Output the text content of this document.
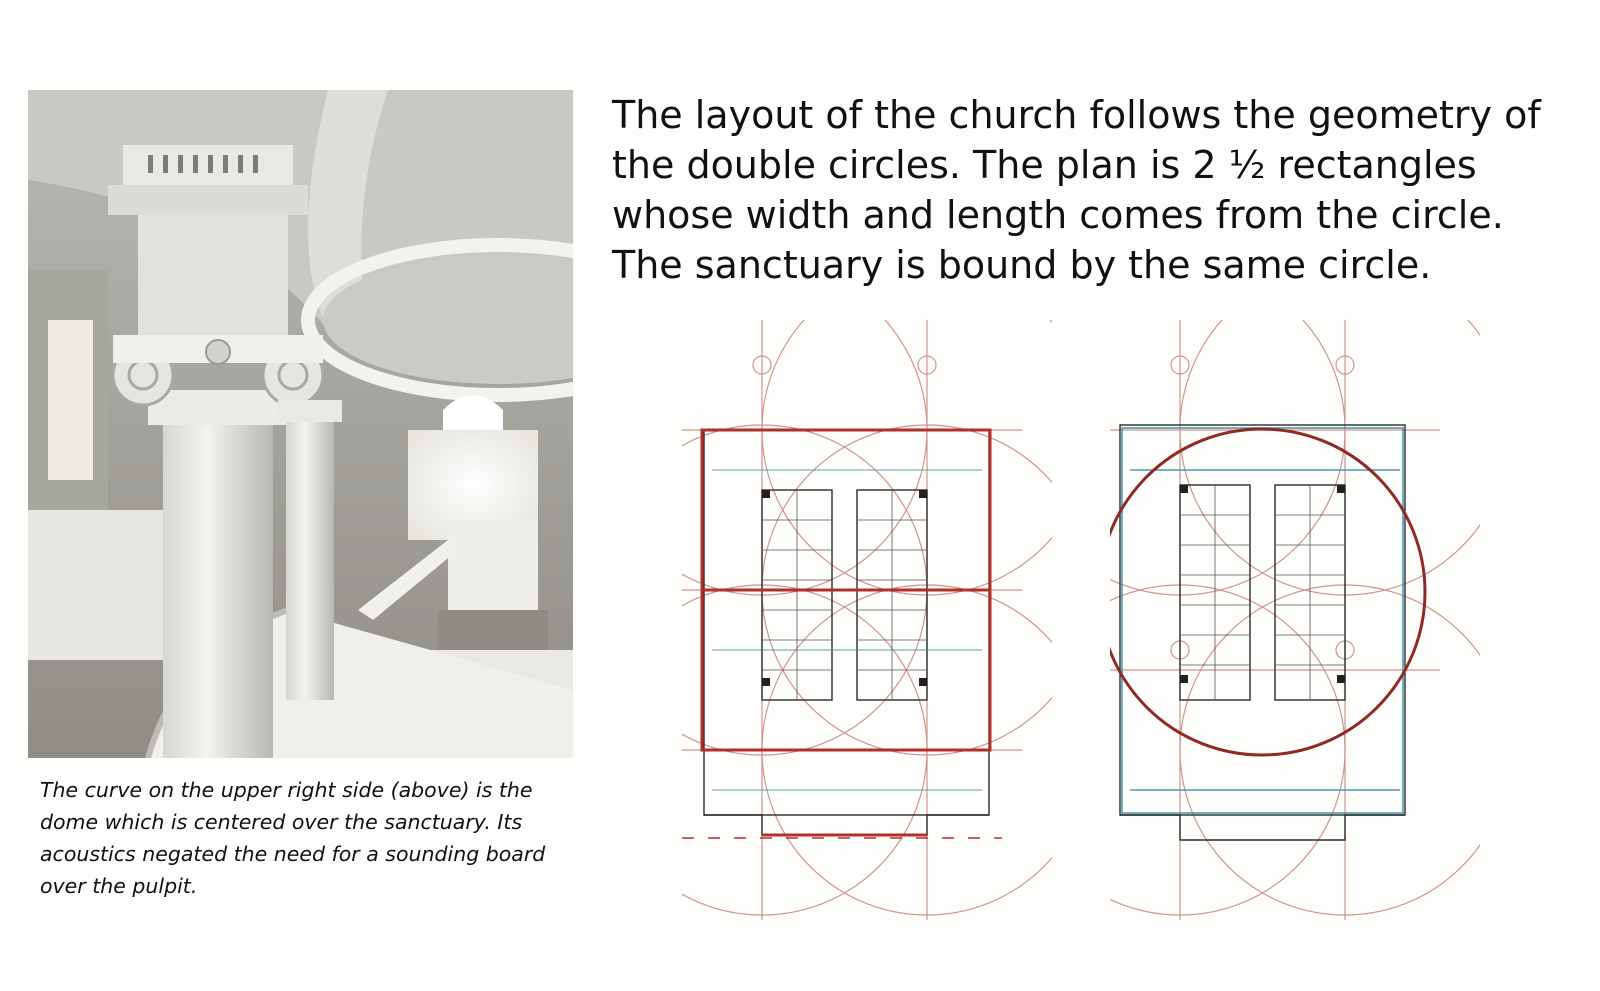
The curve on the upper right side (above) is the
dome which is centered over the sanctuary. Its
acoustics negated the need for a sounding board
over the pulpit.

The layout of the church follows the geometry of
the double circles. The plan is 2 ½ rectangles
whose width and length comes from the circle.
The sanctuary is bound by the same circle.
